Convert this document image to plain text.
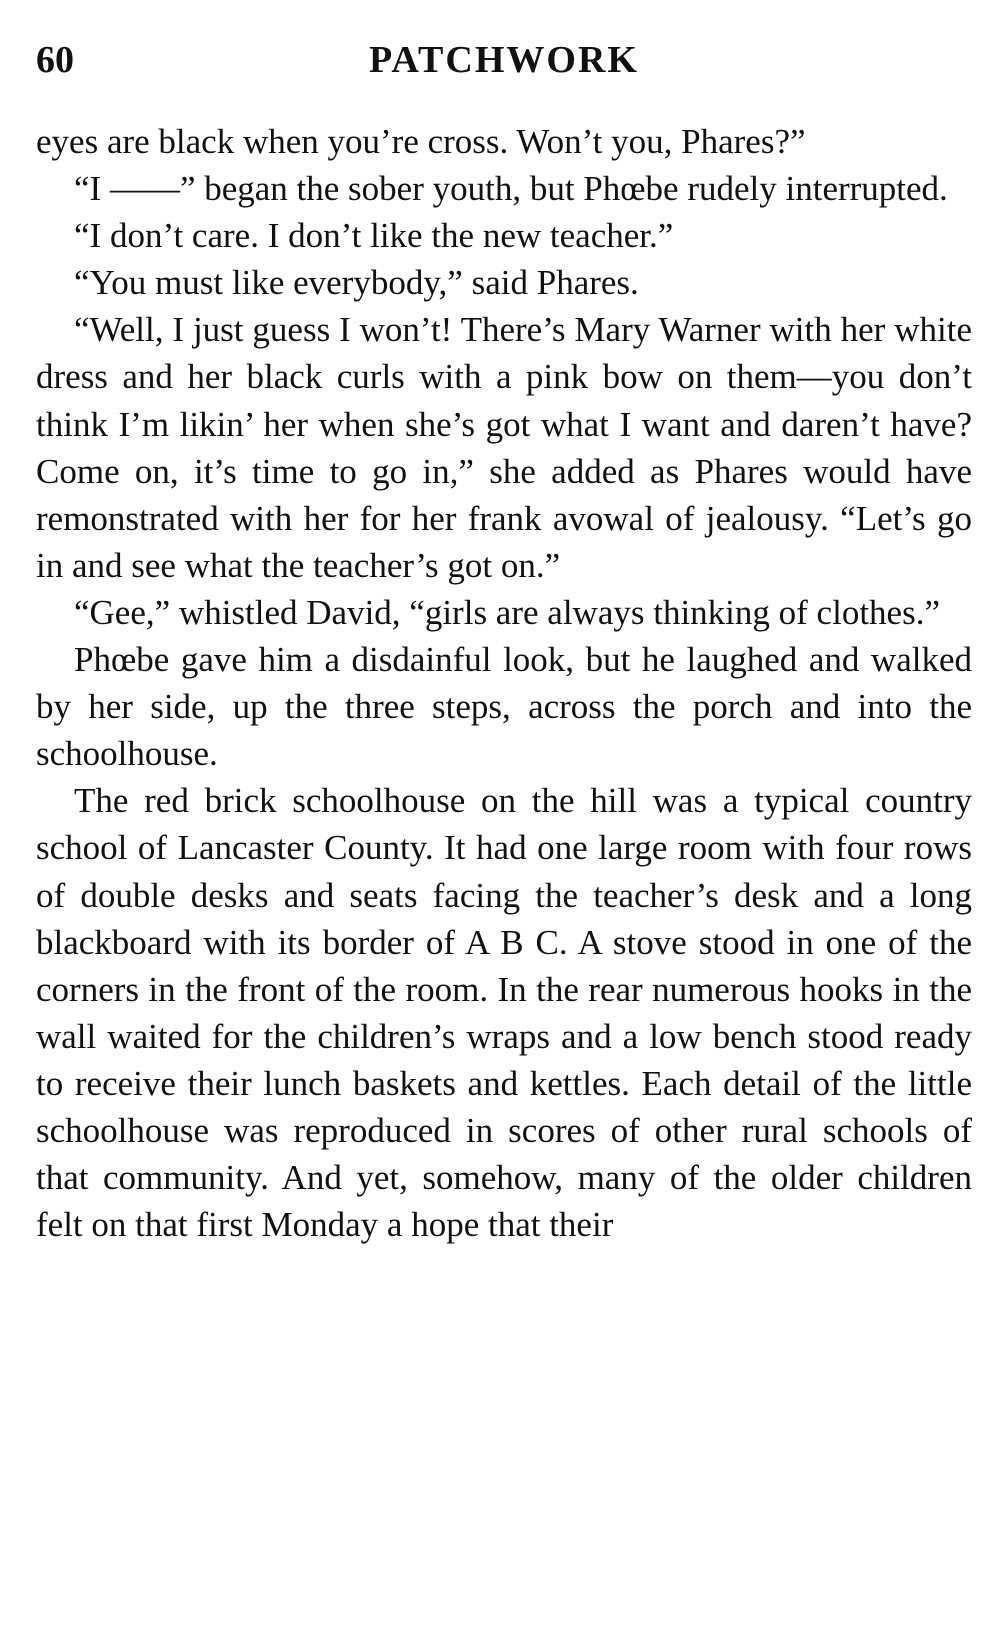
60	PATCHWORK

eyes are black when you’re cross. Won’t you, Phares?”

“I ——” began the sober youth, but Phœbe rudely interrupted.

“I don’t care. I don’t like the new teacher.”

“You must like everybody,” said Phares.

“Well, I just guess I won’t! There’s Mary Warner with her white dress and her black curls with a pink bow on them—you don’t think I’m likin’ her when she’s got what I want and daren’t have? Come on, it’s time to go in,” she added as Phares would have remonstrated with her for her frank avowal of jealousy. “Let’s go in and see what the teacher’s got on.”

“Gee,” whistled David, “girls are always thinking of clothes.”

Phœbe gave him a disdainful look, but he laughed and walked by her side, up the three steps, across the porch and into the schoolhouse.

The red brick schoolhouse on the hill was a typical country school of Lancaster County. It had one large room with four rows of double desks and seats facing the teacher’s desk and a long blackboard with its border of A B C. A stove stood in one of the corners in the front of the room. In the rear numerous hooks in the wall waited for the children’s wraps and a low bench stood ready to receive their lunch baskets and kettles. Each detail of the little schoolhouse was reproduced in scores of other rural schools of that community. And yet, somehow, many of the older children felt on that first Monday a hope that their
